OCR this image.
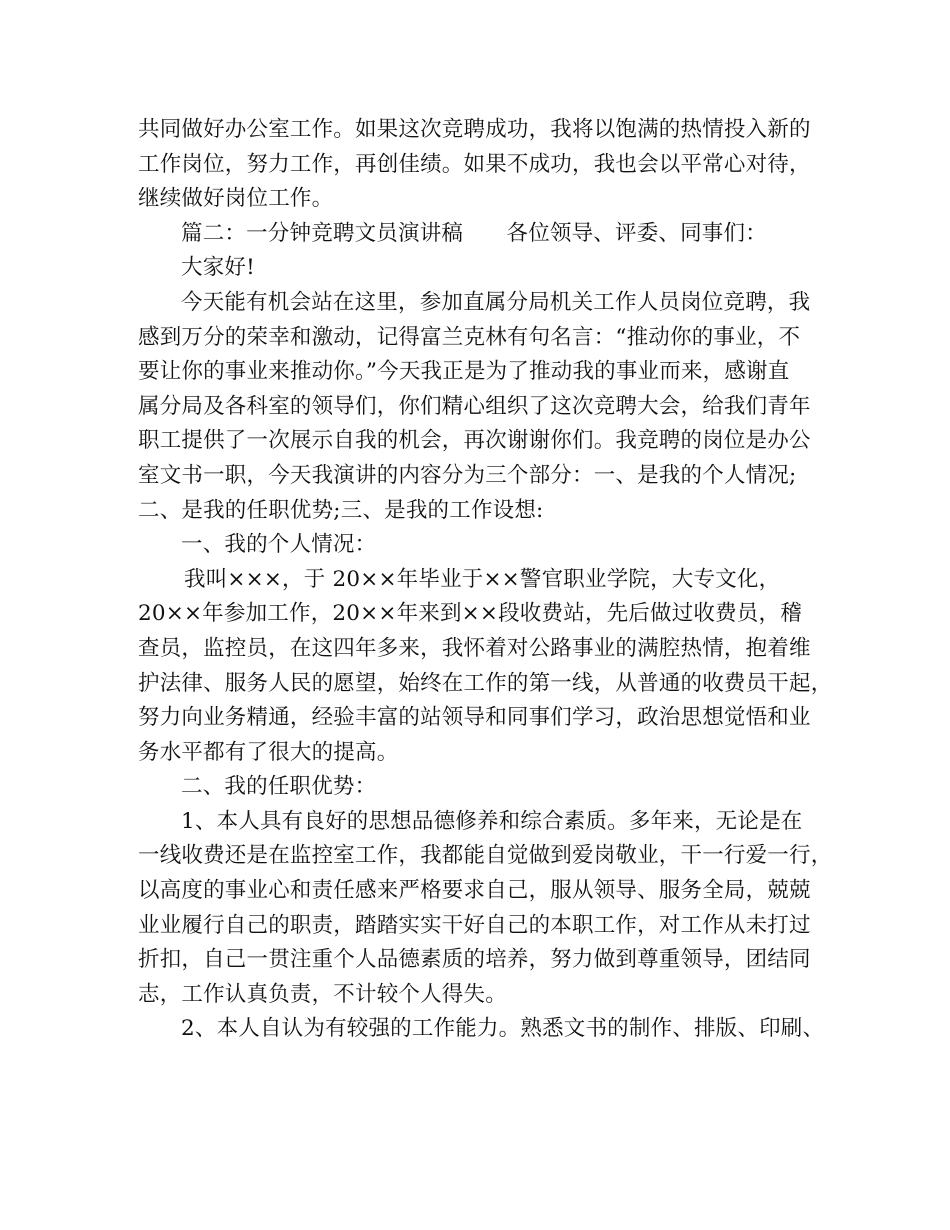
共同做好办公室工作。如果这次竞聘成功，我将以饱满的热情投入新的
工作岗位，努力工作，再创佳绩。如果不成功，我也会以平常心对待，
继续做好岗位工作。
篇二：一分钟竞聘文员演讲稿　　各位领导、评委、同事们：
大家好!
今天能有机会站在这里，参加直属分局机关工作人员岗位竞聘，我
感到万分的荣幸和激动，记得富兰克林有句名言：“推动你的事业，不
要让你的事业来推动你。”今天我正是为了推动我的事业而来，感谢直
属分局及各科室的领导们，你们精心组织了这次竞聘大会，给我们青年
职工提供了一次展示自我的机会，再次谢谢你们。我竞聘的岗位是办公
室文书一职，今天我演讲的内容分为三个部分：一、是我的个人情况;
二、是我的任职优势;三、是我的工作设想:
一、我的个人情况：
我叫×××，于 20××年毕业于××警官职业学院，大专文化，
20××年参加工作，20××年来到××段收费站，先后做过收费员，稽
查员，监控员，在这四年多来，我怀着对公路事业的满腔热情，抱着维
护法律、服务人民的愿望，始终在工作的第一线，从普通的收费员干起，
努力向业务精通，经验丰富的站领导和同事们学习，政治思想觉悟和业
务水平都有了很大的提高。
二、我的任职优势：
1、本人具有良好的思想品德修养和综合素质。多年来，无论是在
一线收费还是在监控室工作，我都能自觉做到爱岗敬业，干一行爱一行，
以高度的事业心和责任感来严格要求自己，服从领导、服务全局，兢兢
业业履行自己的职责，踏踏实实干好自己的本职工作，对工作从未打过
折扣，自己一贯注重个人品德素质的培养，努力做到尊重领导，团结同
志，工作认真负责，不计较个人得失。
2、本人自认为有较强的工作能力。熟悉文书的制作、排版、印刷、
